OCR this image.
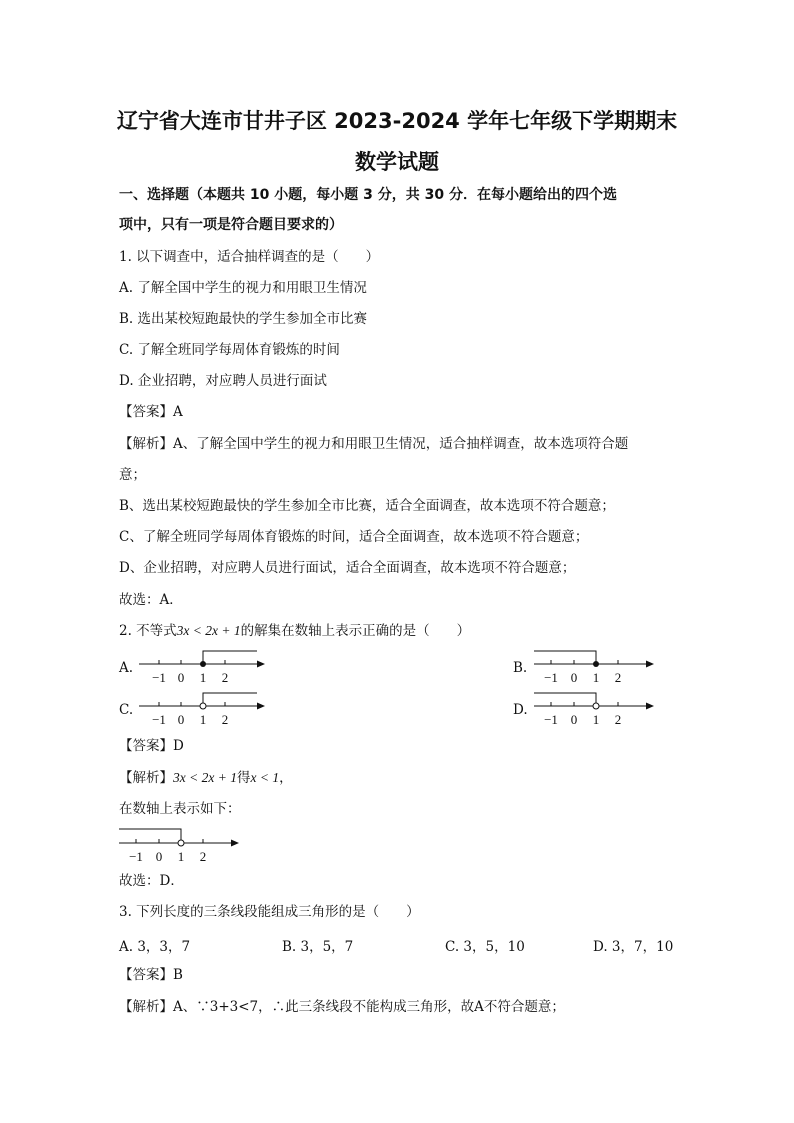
辽宁省大连市甘井子区 2023-2024 学年七年级下学期期末
数学试题
一、选择题（本题共 10 小题，每小题 3 分，共 30 分．在每小题给出的四个选
项中，只有一项是符合题目要求的）
1. 以下调查中，适合抽样调查的是（　　）
A. 了解全国中学生的视力和用眼卫生情况
B. 选出某校短跑最快的学生参加全市比赛
C. 了解全班同学每周体育锻炼的时间
D. 企业招聘，对应聘人员进行面试
【答案】A
【解析】A、了解全国中学生的视力和用眼卫生情况，适合抽样调查，故本选项符合题
意；
B、选出某校短跑最快的学生参加全市比赛，适合全面调查，故本选项不符合题意；
C、了解全班同学每周体育锻炼的时间，适合全面调查，故本选项不符合题意；
D、企业招聘，对应聘人员进行面试，适合全面调查，故本选项不符合题意；
故选：A．
2. 不等式3x < 2x + 1的解集在数轴上表示正确的是（　　）
A.
−1 0 1 2
B.
−1 0 1 2
C.
−1 0 1 2
D.
−1 0 1 2
【答案】D
【解析】3x < 2x + 1得x < 1，
在数轴上表示如下：
−1 0 1 2
故选：D．
3. 下列长度的三条线段能组成三角形的是（　　）
A. 3，3，7	B. 3，5，7	C. 3，5，10	D. 3，7，10
【答案】B
【解析】A、∵3+3<7，∴此三条线段不能构成三角形，故A不符合题意；
